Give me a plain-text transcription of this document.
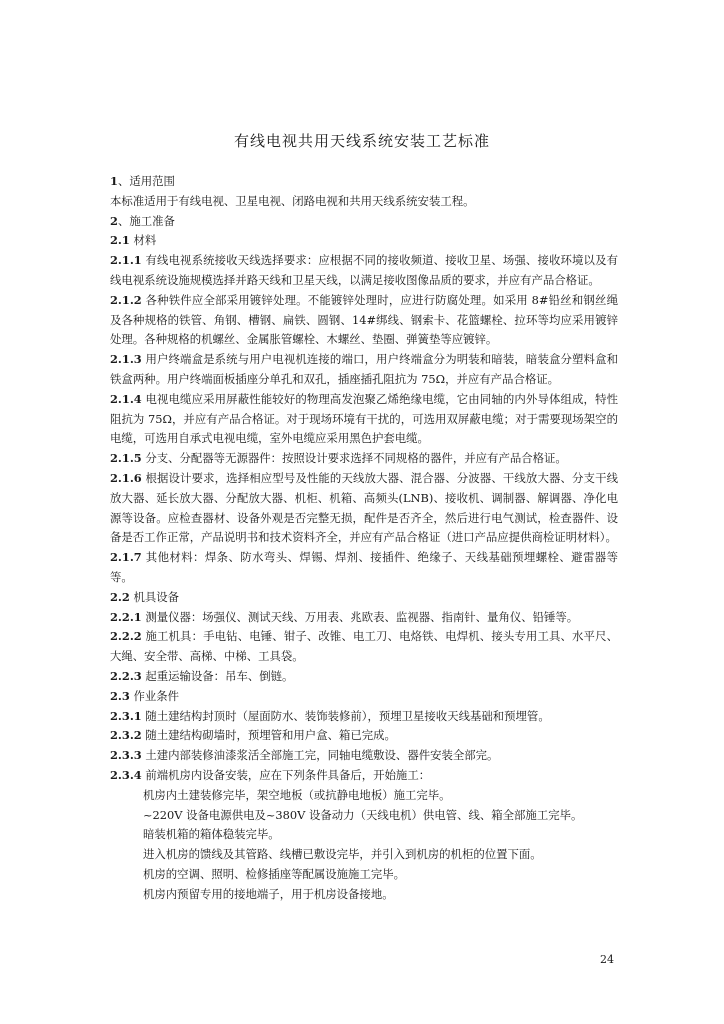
有线电视共用天线系统安装工艺标准

1、适用范围

本标准适用于有线电视、卫星电视、闭路电视和共用天线系统安装工程。

2、施工准备

2.1 材料

2.1.1 有线电视系统接收天线选择要求：应根据不同的接收频道、接收卫星、场强、接收环境以及有线电视系统设施规模选择并路天线和卫星天线，以满足接收图像品质的要求，并应有产品合格证。

2.1.2 各种铁件应全部采用镀锌处理。不能镀锌处理时，应进行防腐处理。如采用 8#铅丝和钢丝绳及各种规格的铁管、角钢、槽钢、扁铁、圆钢、14#绑线、钢索卡、花篮螺栓、拉环等均应采用镀锌处理。各种规格的机螺丝、金属胀管螺栓、木螺丝、垫圈、弹簧垫等应镀锌。

2.1.3 用户终端盒是系统与用户电视机连接的端口，用户终端盒分为明装和暗装，暗装盒分塑料盒和铁盒两种。用户终端面板插座分单孔和双孔，插座插孔阻抗为 75Ω，并应有产品合格证。

2.1.4 电视电缆应采用屏蔽性能较好的物理高发泡聚乙烯绝缘电缆，它由同轴的内外导体组成，特性阻抗为 75Ω，并应有产品合格证。对于现场环境有干扰的，可选用双屏蔽电缆；对于需要现场架空的电缆，可选用自承式电视电缆，室外电缆应采用黑色护套电缆。

2.1.5 分支、分配器等无源器件：按照设计要求选择不同规格的器件，并应有产品合格证。

2.1.6 根据设计要求，选择相应型号及性能的天线放大器、混合器、分波器、干线放大器、分支干线放大器、延长放大器、分配放大器、机柜、机箱、高频头(LNB)、接收机、调制器、解调器、净化电源等设备。应检查器材、设备外观是否完整无损，配件是否齐全，然后进行电气测试，检查器件、设备是否工作正常，产品说明书和技术资料齐全，并应有产品合格证（进口产品应提供商检证明材料）。

2.1.7 其他材料：焊条、防水弯头、焊锡、焊剂、接插件、绝缘子、天线基础预埋螺栓、避雷器等等。

2.2 机具设备

2.2.1 测量仪器：场强仪、测试天线、万用表、兆欧表、监视器、指南针、量角仪、铅锤等。

2.2.2 施工机具：手电钻、电锤、钳子、改锥、电工刀、电烙铁、电焊机、接头专用工具、水平尺、大绳、安全带、高梯、中梯、工具袋。

2.2.3 起重运输设备：吊车、倒链。

2.3 作业条件

2.3.1 随土建结构封顶时（屋面防水、装饰装修前），预埋卫星接收天线基础和预埋管。

2.3.2 随土建结构砌墙时，预埋管和用户盒、箱已完成。

2.3.3 土建内部装修油漆浆活全部施工完，同轴电缆敷设、器件安装全部完。

2.3.4 前端机房内设备安装，应在下列条件具备后，开始施工：

机房内土建装修完毕，架空地板（或抗静电地板）施工完毕。

~220V 设备电源供电及~380V 设备动力（天线电机）供电管、线、箱全部施工完毕。

暗装机箱的箱体稳装完毕。

进入机房的馈线及其管路、线槽已敷设完毕，并引入到机房的机柜的位置下面。

机房的空调、照明、检修插座等配属设施施工完毕。

机房内预留专用的接地端子，用于机房设备接地。

24
